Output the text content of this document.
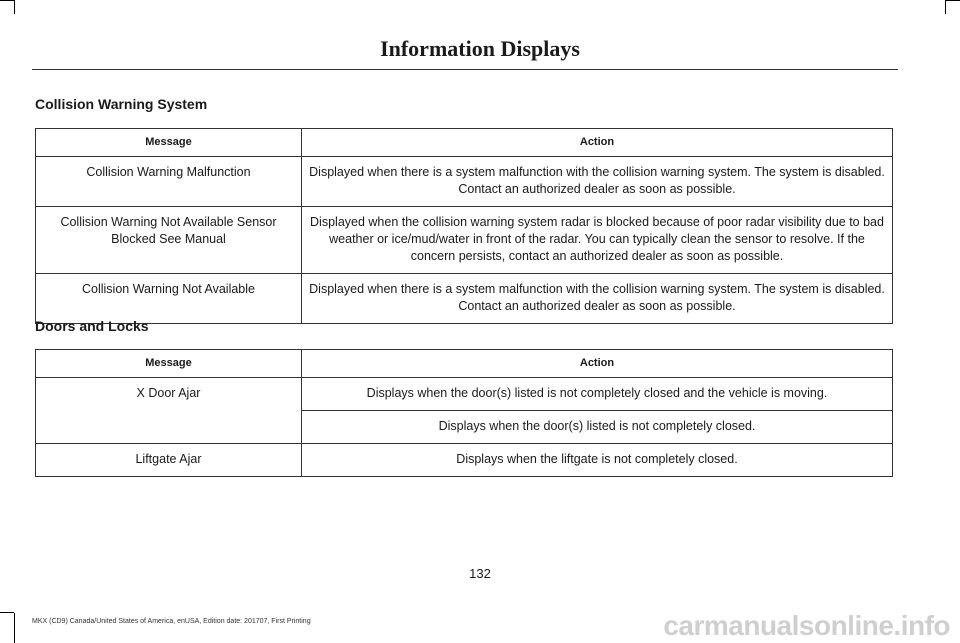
Information Displays
Collision Warning System
Message	Action
Collision Warning Malfunction	Displayed when there is a system malfunction with the collision warning system. The system is disabled. Contact an authorized dealer as soon as possible.
Collision Warning Not Available Sensor Blocked See Manual	Displayed when the collision warning system radar is blocked because of poor radar visibility due to bad weather or ice/mud/water in front of the radar. You can typically clean the sensor to resolve. If the concern persists, contact an authorized dealer as soon as possible.
Collision Warning Not Available	Displayed when there is a system malfunction with the collision warning system. The system is disabled. Contact an authorized dealer as soon as possible.
Doors and Locks
Message	Action
X Door Ajar	Displays when the door(s) listed is not completely closed and the vehicle is moving.
	Displays when the door(s) listed is not completely closed.
Liftgate Ajar	Displays when the liftgate is not completely closed.
132
MKX (CD9) Canada/United States of America, enUSA, Edition date: 201707, First Printing	carmanualsonline.info
